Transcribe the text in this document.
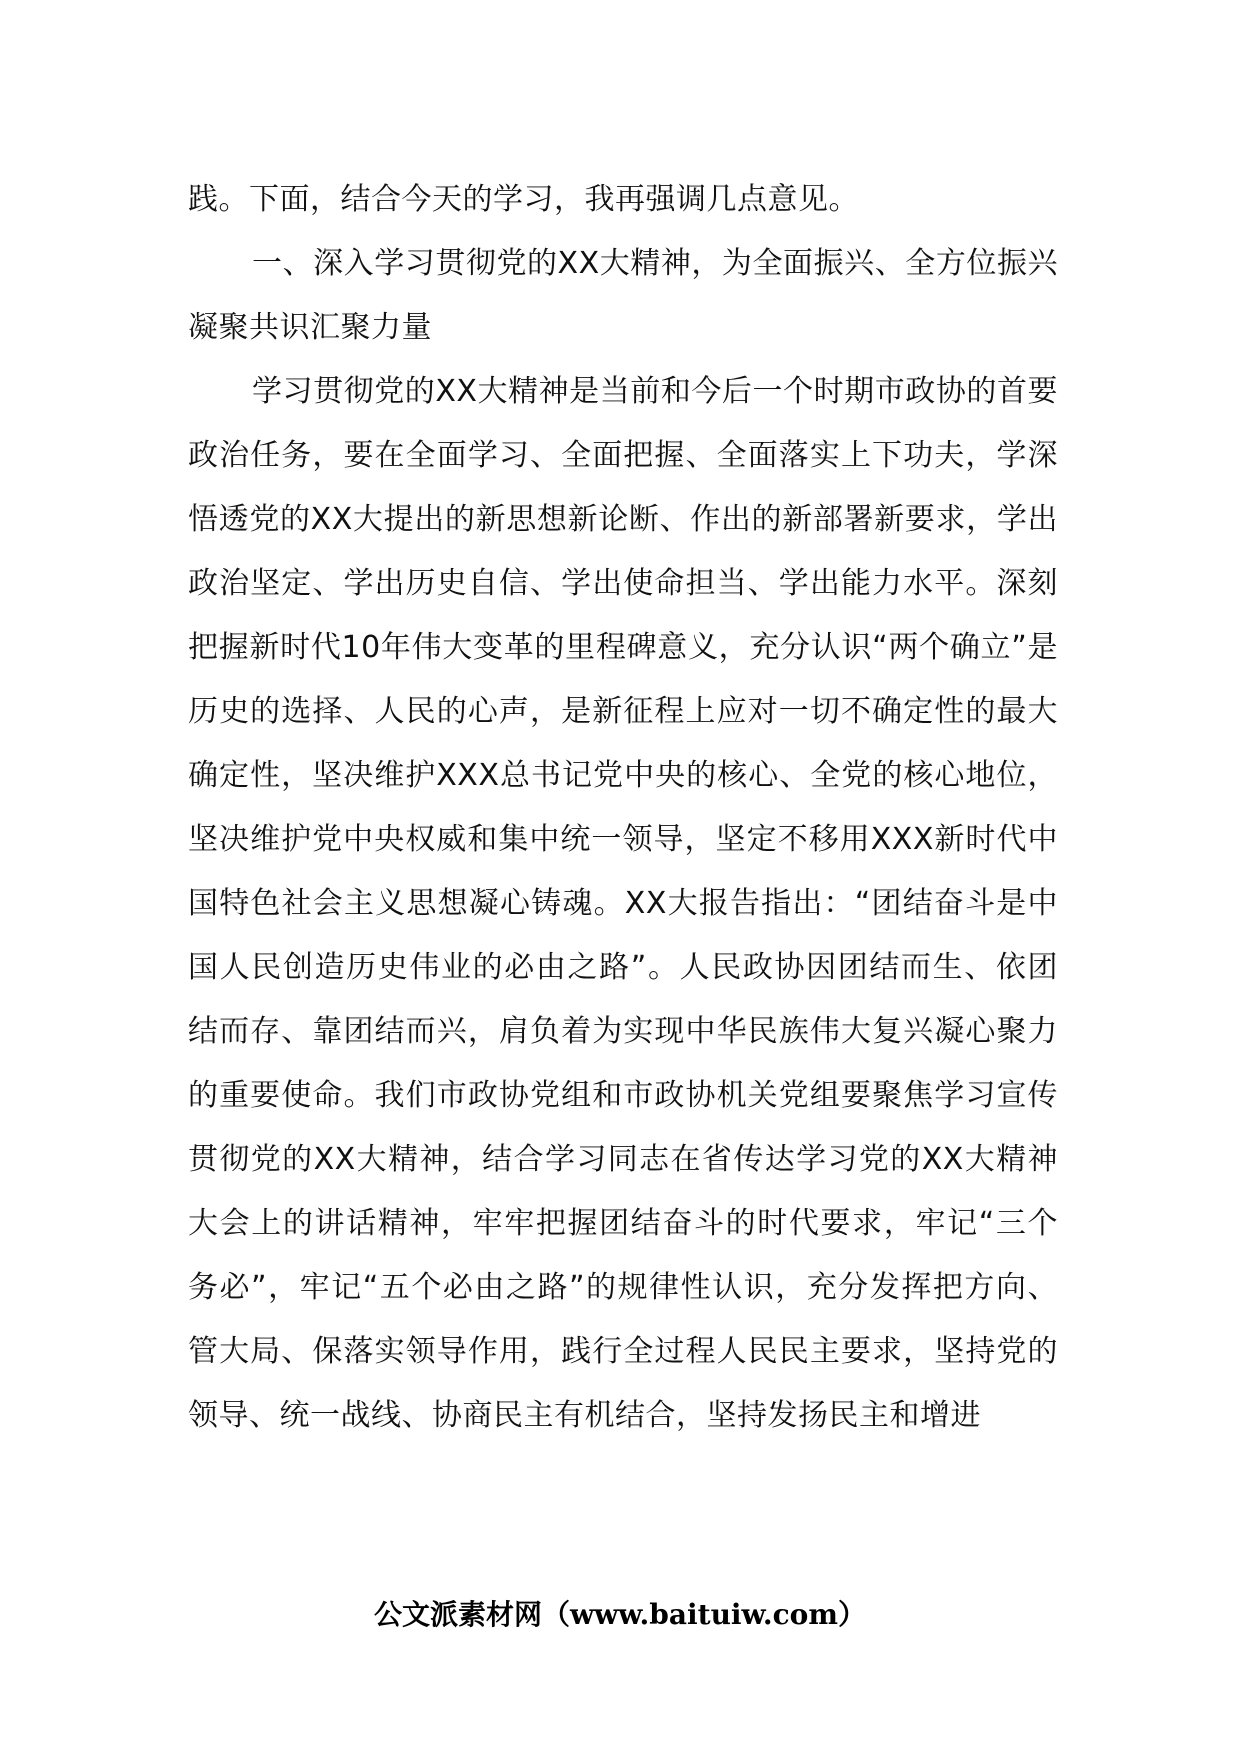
践。下面，结合今天的学习，我再强调几点意见。

一、深入学习贯彻党的XX大精神，为全面振兴、全方位振兴凝聚共识汇聚力量

学习贯彻党的XX大精神是当前和今后一个时期市政协的首要政治任务，要在全面学习、全面把握、全面落实上下功夫，学深悟透党的XX大提出的新思想新论断、作出的新部署新要求，学出政治坚定、学出历史自信、学出使命担当、学出能力水平。深刻把握新时代10年伟大变革的里程碑意义，充分认识“两个确立”是历史的选择、人民的心声，是新征程上应对一切不确定性的最大确定性，坚决维护XXX总书记党中央的核心、全党的核心地位，坚决维护党中央权威和集中统一领导，坚定不移用XXX新时代中国特色社会主义思想凝心铸魂。XX大报告指出：“团结奋斗是中国人民创造历史伟业的必由之路”。人民政协因团结而生、依团结而存、靠团结而兴，肩负着为实现中华民族伟大复兴凝心聚力的重要使命。我们市政协党组和市政协机关党组要聚焦学习宣传贯彻党的XX大精神，结合学习同志在省传达学习党的XX大精神大会上的讲话精神，牢牢把握团结奋斗的时代要求，牢记“三个务必”，牢记“五个必由之路”的规律性认识，充分发挥把方向、管大局、保落实领导作用，践行全过程人民民主要求，坚持党的领导、统一战线、协商民主有机结合，坚持发扬民主和增进

公文派素材网（www.baituiw.com）
